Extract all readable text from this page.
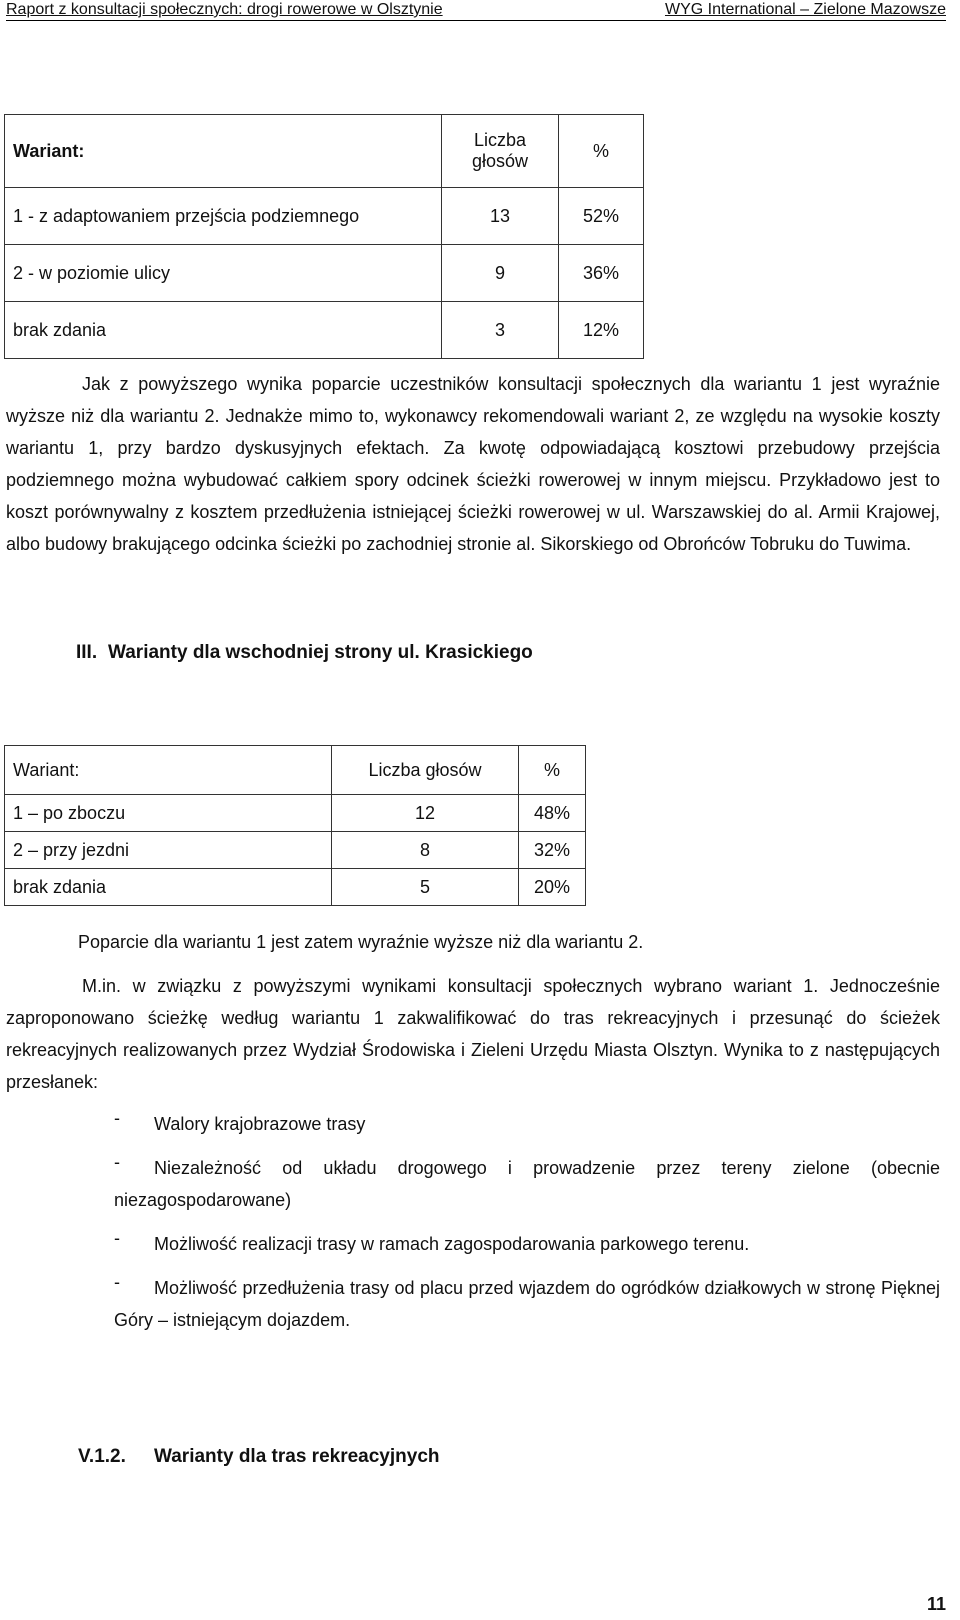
Raport z konsultacji społecznych: drogi rowerowe w Olsztynie	WYG International – Zielone Mazowsze
Wariant:	Liczba głosów	%
1 - z adaptowaniem przejścia podziemnego	13	52%
2 - w poziomie ulicy	9	36%
brak zdania	3	12%

Jak z powyższego wynika poparcie uczestników konsultacji społecznych dla wariantu 1 jest wyraźnie wyższe niż dla wariantu 2. Jednakże mimo to, wykonawcy rekomendowali wariant 2, ze względu na wysokie koszty wariantu 1, przy bardzo dyskusyjnych efektach. Za kwotę odpowiadającą kosztowi przebudowy przejścia podziemnego można wybudować całkiem spory odcinek ścieżki rowerowej w innym miejscu. Przykładowo jest to koszt porównywalny z kosztem przedłużenia istniejącej ścieżki rowerowej w ul. Warszawskiej do al. Armii Krajowej, albo budowy brakującego odcinka ścieżki po zachodniej stronie al. Sikorskiego od Obrońców Tobruku do Tuwima.

III. Warianty dla wschodniej strony ul. Krasickiego
Wariant:	Liczba głosów	%
1 – po zboczu	12	48%
2 – przy jezdni	8	32%
brak zdania	5	20%

Poparcie dla wariantu 1 jest zatem wyraźnie wyższe niż dla wariantu 2.

M.in. w związku z powyższymi wynikami konsultacji społecznych wybrano wariant 1. Jednocześnie zaproponowano ścieżkę według wariantu 1 zakwalifikować do tras rekreacyjnych i przesunąć do ścieżek rekreacyjnych realizowanych przez Wydział Środowiska i Zieleni Urzędu Miasta Olsztyn. Wynika to z następujących przesłanek:

-	Walory krajobrazowe trasy

-	Niezależność od układu drogowego i prowadzenie przez tereny zielone (obecnie niezagospodarowane)

-	Możliwość realizacji trasy w ramach zagospodarowania parkowego terenu.

-	Możliwość przedłużenia trasy od placu przed wjazdem do ogródków działkowych w stronę Pięknej Góry – istniejącym dojazdem.

V.1.2. Warianty dla tras rekreacyjnych
11
